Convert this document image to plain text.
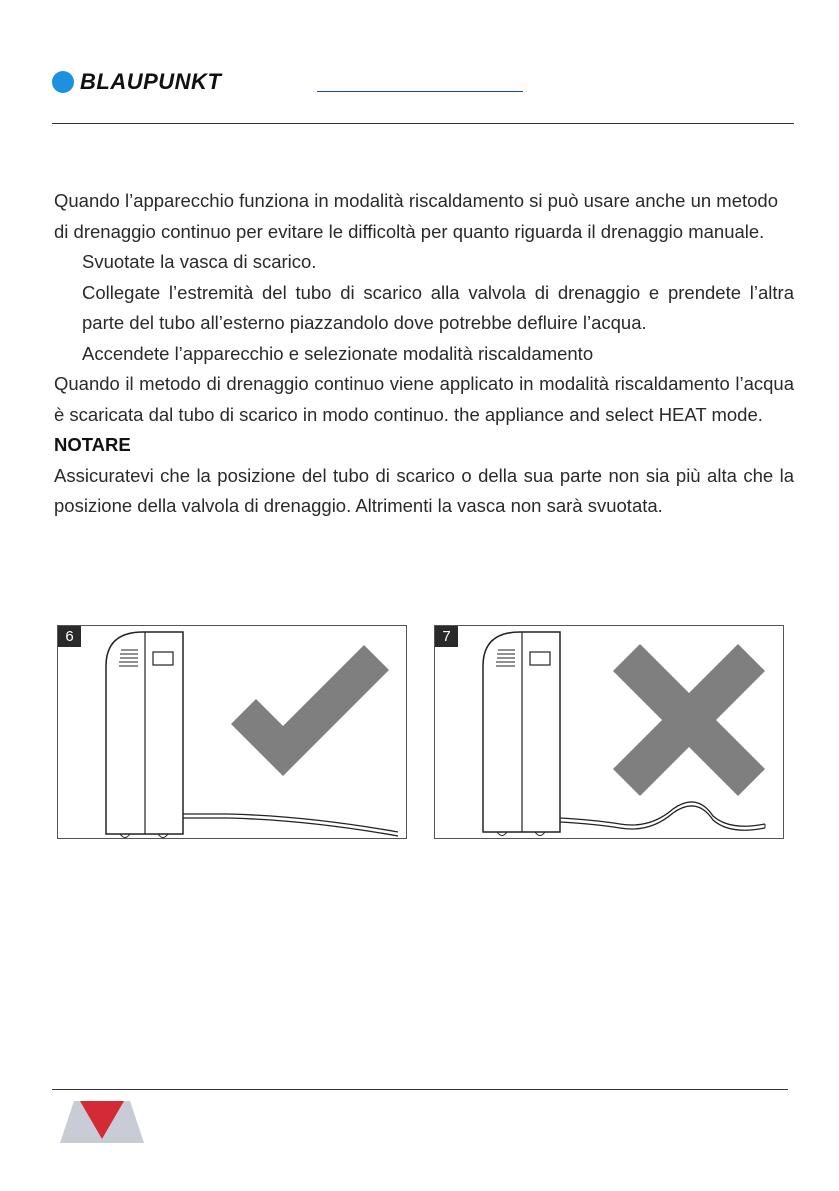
BLAUPUNKT

Quando l’apparecchio funziona in modalità riscaldamento si può usare anche un metodo di drenaggio continuo per evitare le difficoltà per quanto riguarda il drenaggio manuale.

Svuotate la vasca di scarico.

Collegate l’estremità del tubo di scarico alla valvola di drenaggio e prendete l’altra parte del tubo all’esterno piazzandolo dove potrebbe defluire l’acqua.

Accendete l’apparecchio e selezionate modalità riscaldamento

Quando il metodo di drenaggio continuo viene applicato in modalità riscaldamento l’acqua è scaricata dal tubo di scarico in modo continuo. the appliance and select HEAT mode.

NOTARE

Assicuratevi che la posizione del tubo di scarico o della sua parte non sia più alta che la posizione della valvola di drenaggio. Altrimenti la vasca non sarà svuotata.

6	7
